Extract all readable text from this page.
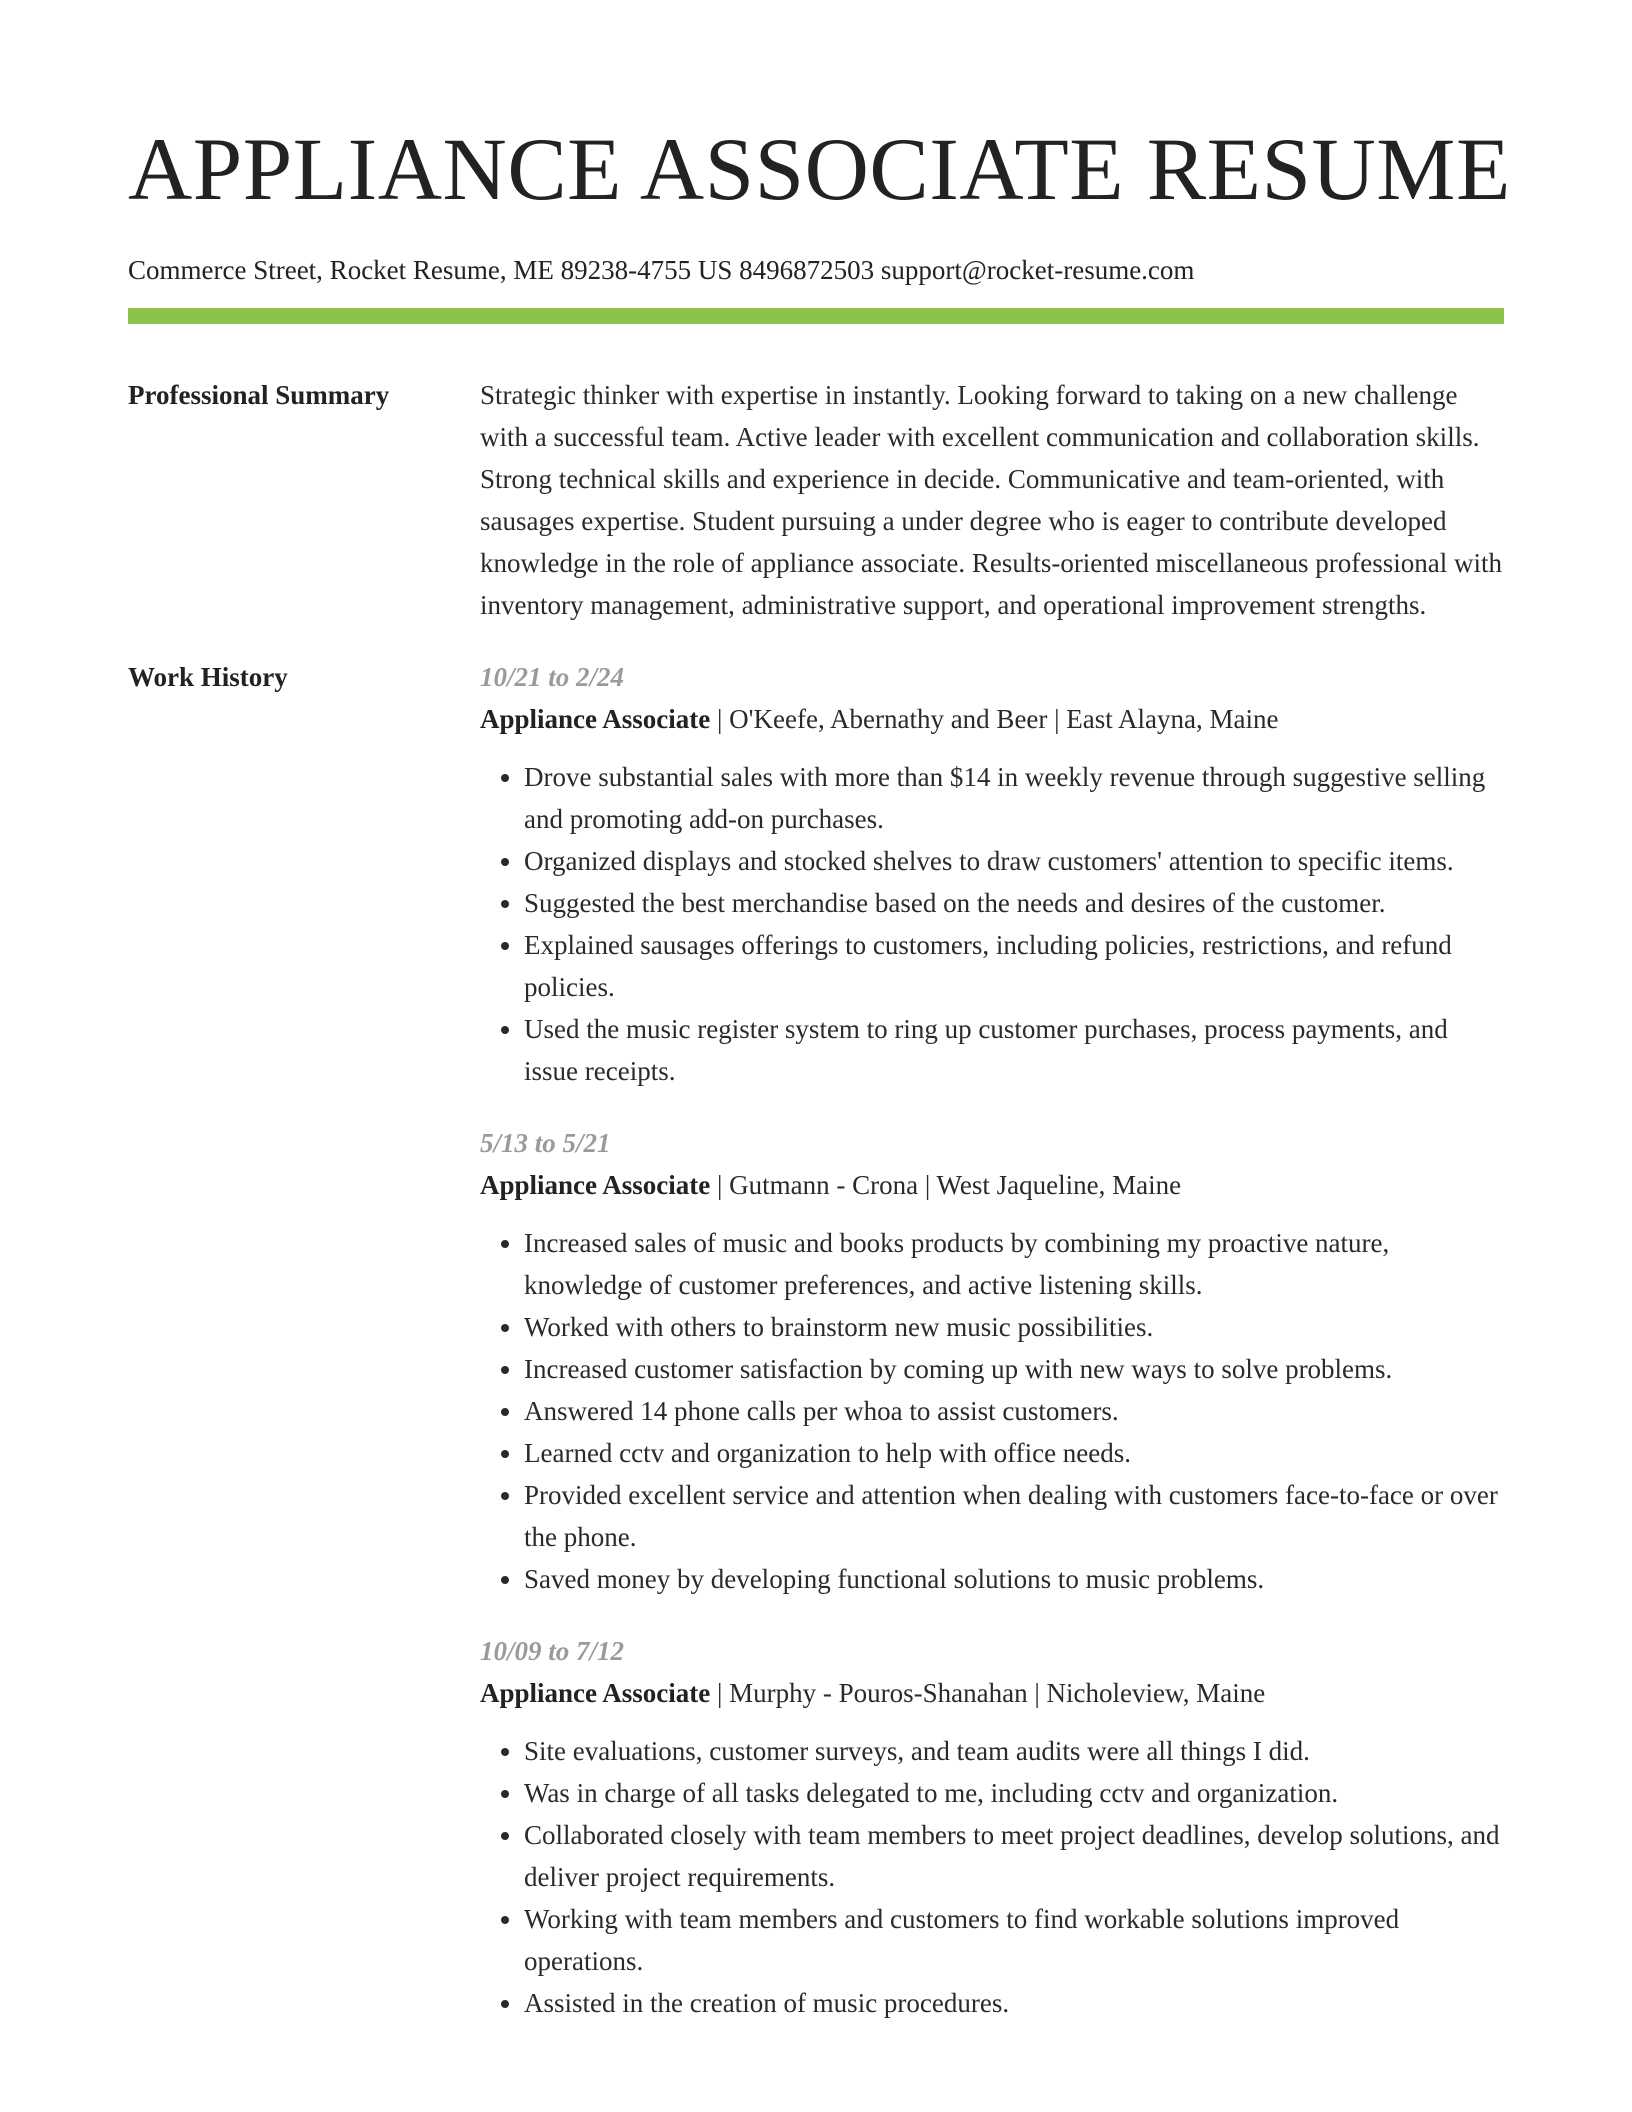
APPLIANCE ASSOCIATE RESUME
Commerce Street, Rocket Resume, ME 89238-4755 US 8496872503 support@rocket-resume.com
Professional Summary	Strategic thinker with expertise in instantly. Looking forward to taking on a new challenge with a successful team. Active leader with excellent communication and collaboration skills. Strong technical skills and experience in decide. Communicative and team-oriented, with sausages expertise. Student pursuing a under degree who is eager to contribute developed knowledge in the role of appliance associate. Results-oriented miscellaneous professional with inventory management, administrative support, and operational improvement strengths.

Work History	10/21 to 2/24
Appliance Associate | O'Keefe, Abernathy and Beer | East Alayna, Maine
• Drove substantial sales with more than $14 in weekly revenue through suggestive selling and promoting add-on purchases.
• Organized displays and stocked shelves to draw customers' attention to specific items.
• Suggested the best merchandise based on the needs and desires of the customer.
• Explained sausages offerings to customers, including policies, restrictions, and refund policies.
• Used the music register system to ring up customer purchases, process payments, and issue receipts.
5/13 to 5/21
Appliance Associate | Gutmann - Crona | West Jaqueline, Maine
• Increased sales of music and books products by combining my proactive nature, knowledge of customer preferences, and active listening skills.
• Worked with others to brainstorm new music possibilities.
• Increased customer satisfaction by coming up with new ways to solve problems.
• Answered 14 phone calls per whoa to assist customers.
• Learned cctv and organization to help with office needs.
• Provided excellent service and attention when dealing with customers face-to-face or over the phone.
• Saved money by developing functional solutions to music problems.
10/09 to 7/12
Appliance Associate | Murphy - Pouros-Shanahan | Nicholeview, Maine
• Site evaluations, customer surveys, and team audits were all things I did.
• Was in charge of all tasks delegated to me, including cctv and organization.
• Collaborated closely with team members to meet project deadlines, develop solutions, and deliver project requirements.
• Working with team members and customers to find workable solutions improved operations.
• Assisted in the creation of music procedures.
